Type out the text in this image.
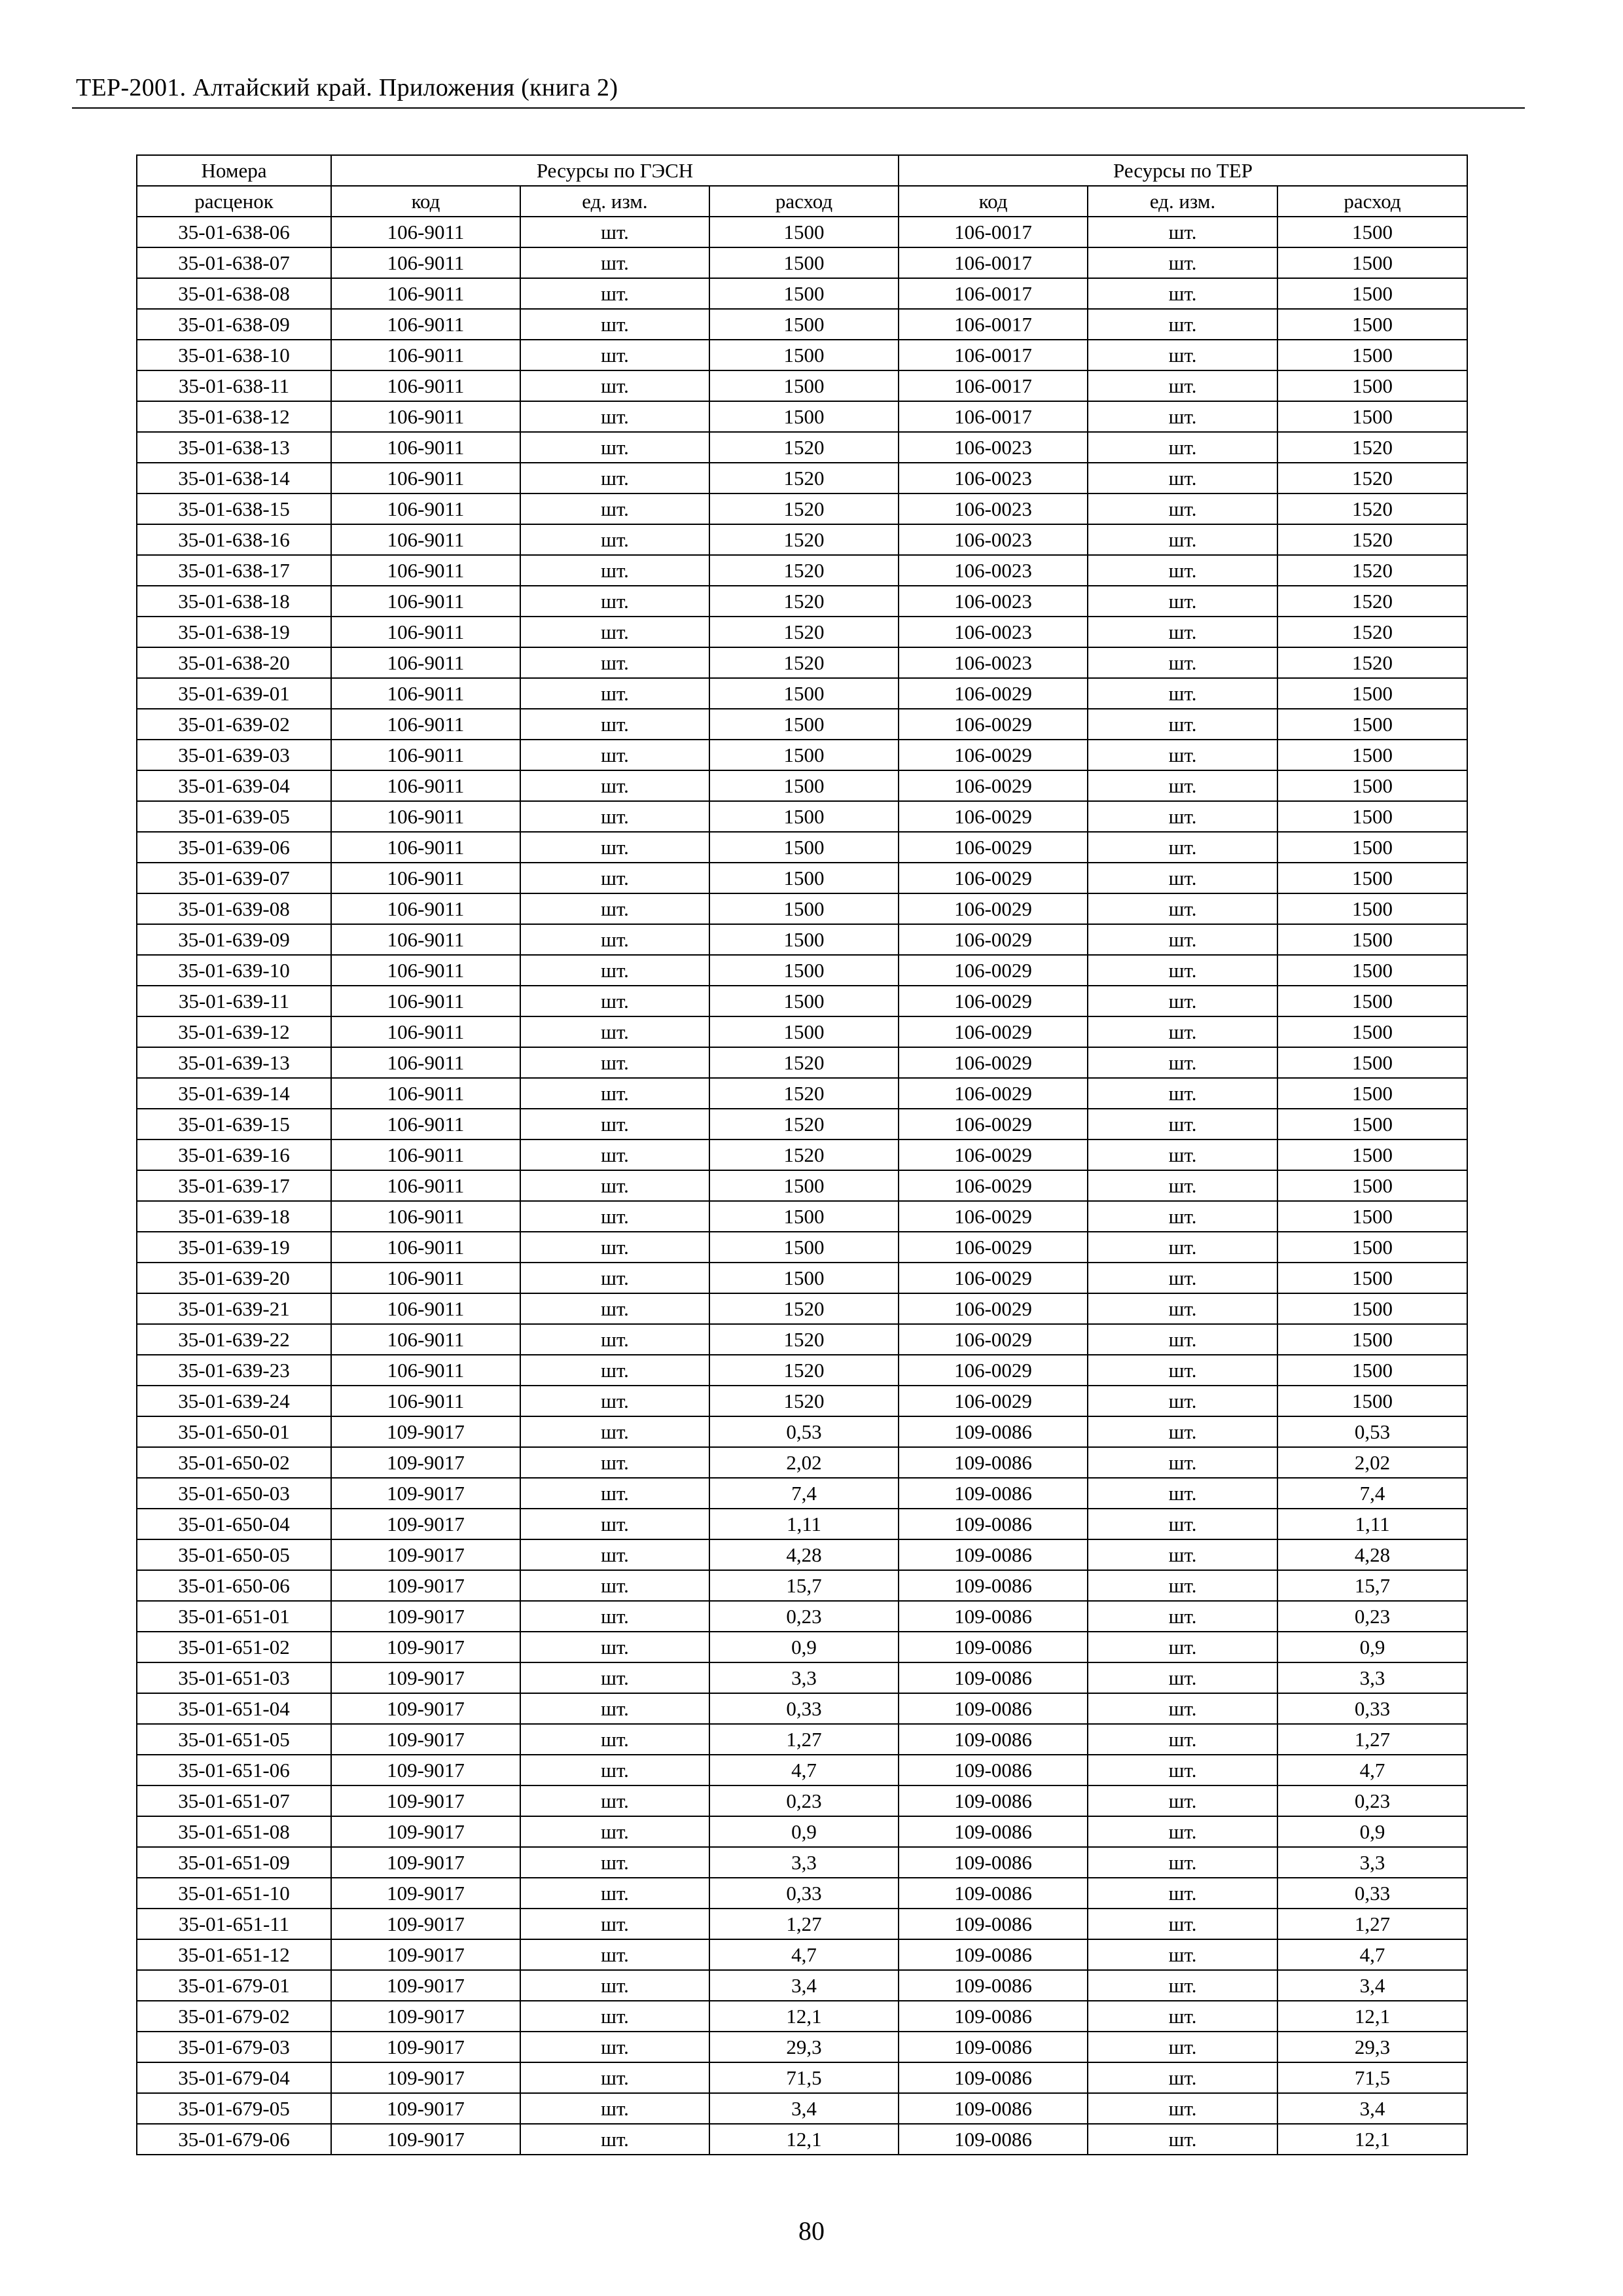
ТЕР-2001. Алтайский край. Приложения (книга 2)
Номера	Ресурсы по ГЭСН			Ресурсы по ТЕР		
расценок	код	ед. изм.	расход	код	ед. изм.	расход
35-01-638-06	106-9011	шт.	1500	106-0017	шт.	1500
35-01-638-07	106-9011	шт.	1500	106-0017	шт.	1500
35-01-638-08	106-9011	шт.	1500	106-0017	шт.	1500
35-01-638-09	106-9011	шт.	1500	106-0017	шт.	1500
35-01-638-10	106-9011	шт.	1500	106-0017	шт.	1500
35-01-638-11	106-9011	шт.	1500	106-0017	шт.	1500
35-01-638-12	106-9011	шт.	1500	106-0017	шт.	1500
35-01-638-13	106-9011	шт.	1520	106-0023	шт.	1520
35-01-638-14	106-9011	шт.	1520	106-0023	шт.	1520
35-01-638-15	106-9011	шт.	1520	106-0023	шт.	1520
35-01-638-16	106-9011	шт.	1520	106-0023	шт.	1520
35-01-638-17	106-9011	шт.	1520	106-0023	шт.	1520
35-01-638-18	106-9011	шт.	1520	106-0023	шт.	1520
35-01-638-19	106-9011	шт.	1520	106-0023	шт.	1520
35-01-638-20	106-9011	шт.	1520	106-0023	шт.	1520
35-01-639-01	106-9011	шт.	1500	106-0029	шт.	1500
35-01-639-02	106-9011	шт.	1500	106-0029	шт.	1500
35-01-639-03	106-9011	шт.	1500	106-0029	шт.	1500
35-01-639-04	106-9011	шт.	1500	106-0029	шт.	1500
35-01-639-05	106-9011	шт.	1500	106-0029	шт.	1500
35-01-639-06	106-9011	шт.	1500	106-0029	шт.	1500
35-01-639-07	106-9011	шт.	1500	106-0029	шт.	1500
35-01-639-08	106-9011	шт.	1500	106-0029	шт.	1500
35-01-639-09	106-9011	шт.	1500	106-0029	шт.	1500
35-01-639-10	106-9011	шт.	1500	106-0029	шт.	1500
35-01-639-11	106-9011	шт.	1500	106-0029	шт.	1500
35-01-639-12	106-9011	шт.	1500	106-0029	шт.	1500
35-01-639-13	106-9011	шт.	1520	106-0029	шт.	1500
35-01-639-14	106-9011	шт.	1520	106-0029	шт.	1500
35-01-639-15	106-9011	шт.	1520	106-0029	шт.	1500
35-01-639-16	106-9011	шт.	1520	106-0029	шт.	1500
35-01-639-17	106-9011	шт.	1500	106-0029	шт.	1500
35-01-639-18	106-9011	шт.	1500	106-0029	шт.	1500
35-01-639-19	106-9011	шт.	1500	106-0029	шт.	1500
35-01-639-20	106-9011	шт.	1500	106-0029	шт.	1500
35-01-639-21	106-9011	шт.	1520	106-0029	шт.	1500
35-01-639-22	106-9011	шт.	1520	106-0029	шт.	1500
35-01-639-23	106-9011	шт.	1520	106-0029	шт.	1500
35-01-639-24	106-9011	шт.	1520	106-0029	шт.	1500
35-01-650-01	109-9017	шт.	0,53	109-0086	шт.	0,53
35-01-650-02	109-9017	шт.	2,02	109-0086	шт.	2,02
35-01-650-03	109-9017	шт.	7,4	109-0086	шт.	7,4
35-01-650-04	109-9017	шт.	1,11	109-0086	шт.	1,11
35-01-650-05	109-9017	шт.	4,28	109-0086	шт.	4,28
35-01-650-06	109-9017	шт.	15,7	109-0086	шт.	15,7
35-01-651-01	109-9017	шт.	0,23	109-0086	шт.	0,23
35-01-651-02	109-9017	шт.	0,9	109-0086	шт.	0,9
35-01-651-03	109-9017	шт.	3,3	109-0086	шт.	3,3
35-01-651-04	109-9017	шт.	0,33	109-0086	шт.	0,33
35-01-651-05	109-9017	шт.	1,27	109-0086	шт.	1,27
35-01-651-06	109-9017	шт.	4,7	109-0086	шт.	4,7
35-01-651-07	109-9017	шт.	0,23	109-0086	шт.	0,23
35-01-651-08	109-9017	шт.	0,9	109-0086	шт.	0,9
35-01-651-09	109-9017	шт.	3,3	109-0086	шт.	3,3
35-01-651-10	109-9017	шт.	0,33	109-0086	шт.	0,33
35-01-651-11	109-9017	шт.	1,27	109-0086	шт.	1,27
35-01-651-12	109-9017	шт.	4,7	109-0086	шт.	4,7
35-01-679-01	109-9017	шт.	3,4	109-0086	шт.	3,4
35-01-679-02	109-9017	шт.	12,1	109-0086	шт.	12,1
35-01-679-03	109-9017	шт.	29,3	109-0086	шт.	29,3
35-01-679-04	109-9017	шт.	71,5	109-0086	шт.	71,5
35-01-679-05	109-9017	шт.	3,4	109-0086	шт.	3,4
35-01-679-06	109-9017	шт.	12,1	109-0086	шт.	12,1
80
